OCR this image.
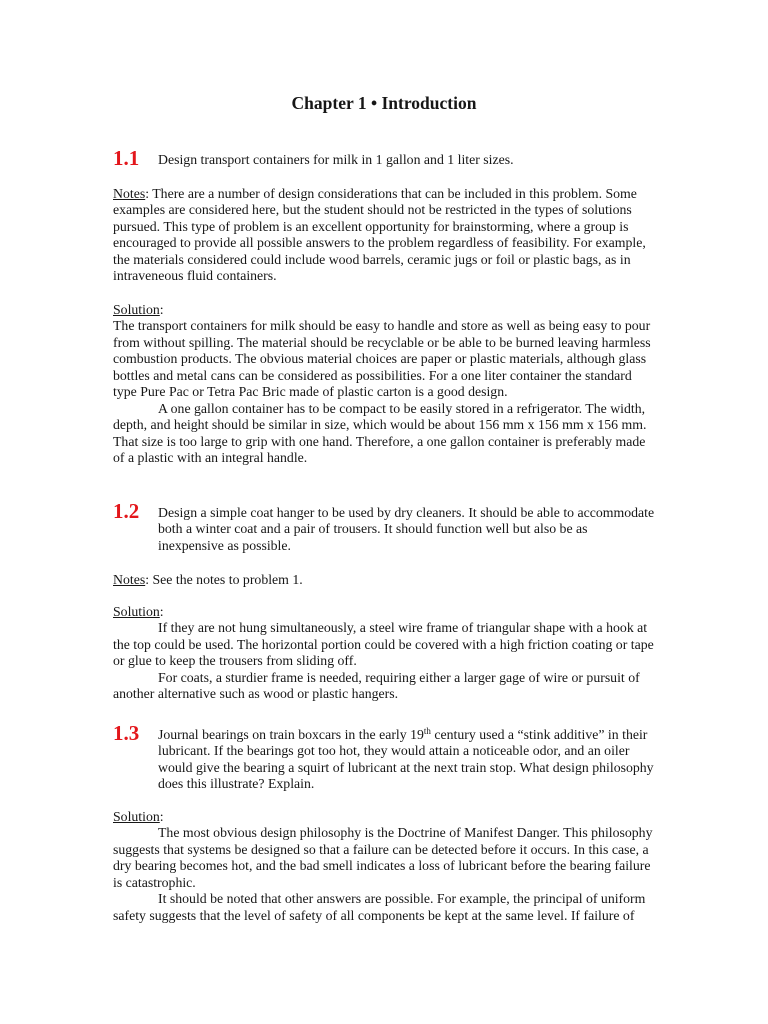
Chapter 1 • Introduction
1.1 Design transport containers for milk in 1 gallon and 1 liter sizes.
Notes: There are a number of design considerations that can be included in this problem. Some
examples are considered here, but the student should not be restricted in the types of solutions
pursued. This type of problem is an excellent opportunity for brainstorming, where a group is
encouraged to provide all possible answers to the problem regardless of feasibility. For example,
the materials considered could include wood barrels, ceramic jugs or foil or plastic bags, as in
intraveneous fluid containers.
Solution:
The transport containers for milk should be easy to handle and store as well as being easy to pour
from without spilling. The material should be recyclable or be able to be burned leaving harmless
combustion products. The obvious material choices are paper or plastic materials, although glass
bottles and metal cans can be considered as possibilities. For a one liter container the standard
type Pure Pac or Tetra Pac Bric made of plastic carton is a good design.
A one gallon container has to be compact to be easily stored in a refrigerator. The width,
depth, and height should be similar in size, which would be about 156 mm x 156 mm x 156 mm.
That size is too large to grip with one hand. Therefore, a one gallon container is preferably made
of a plastic with an integral handle.
1.2 Design a simple coat hanger to be used by dry cleaners. It should be able to accommodate
both a winter coat and a pair of trousers. It should function well but also be as
inexpensive as possible.
Notes: See the notes to problem 1.
Solution:
If they are not hung simultaneously, a steel wire frame of triangular shape with a hook at
the top could be used. The horizontal portion could be covered with a high friction coating or tape
or glue to keep the trousers from sliding off.
For coats, a sturdier frame is needed, requiring either a larger gage of wire or pursuit of
another alternative such as wood or plastic hangers.
1.3 Journal bearings on train boxcars in the early 19th century used a “stink additive” in their
lubricant. If the bearings got too hot, they would attain a noticeable odor, and an oiler
would give the bearing a squirt of lubricant at the next train stop. What design philosophy
does this illustrate? Explain.
Solution:
The most obvious design philosophy is the Doctrine of Manifest Danger. This philosophy
suggests that systems be designed so that a failure can be detected before it occurs. In this case, a
dry bearing becomes hot, and the bad smell indicates a loss of lubricant before the bearing failure
is catastrophic.
It should be noted that other answers are possible. For example, the principal of uniform
safety suggests that the level of safety of all components be kept at the same level. If failure of
